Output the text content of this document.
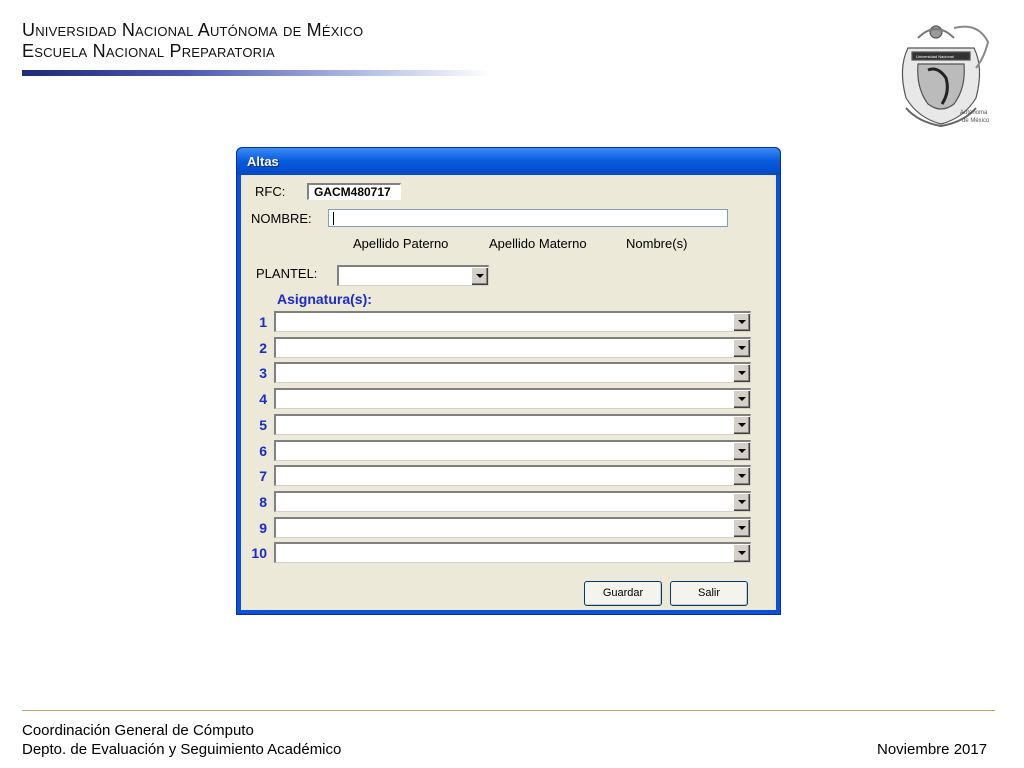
Universidad Nacional Autónoma de México
Escuela Nacional Preparatoria
Autónoma
de México
Universidad Nacional
Altas
RFC:	GACM480717
NOMBRE:
Apellido Paterno	Apellido Materno	Nombre(s)
PLANTEL:
Asignatura(s):
1
2
3
4
5
6
7
8
9
10
Guardar	Salir
Coordinación General de Cómputo
Depto. de Evaluación y Seguimiento Académico	Noviembre 2017
